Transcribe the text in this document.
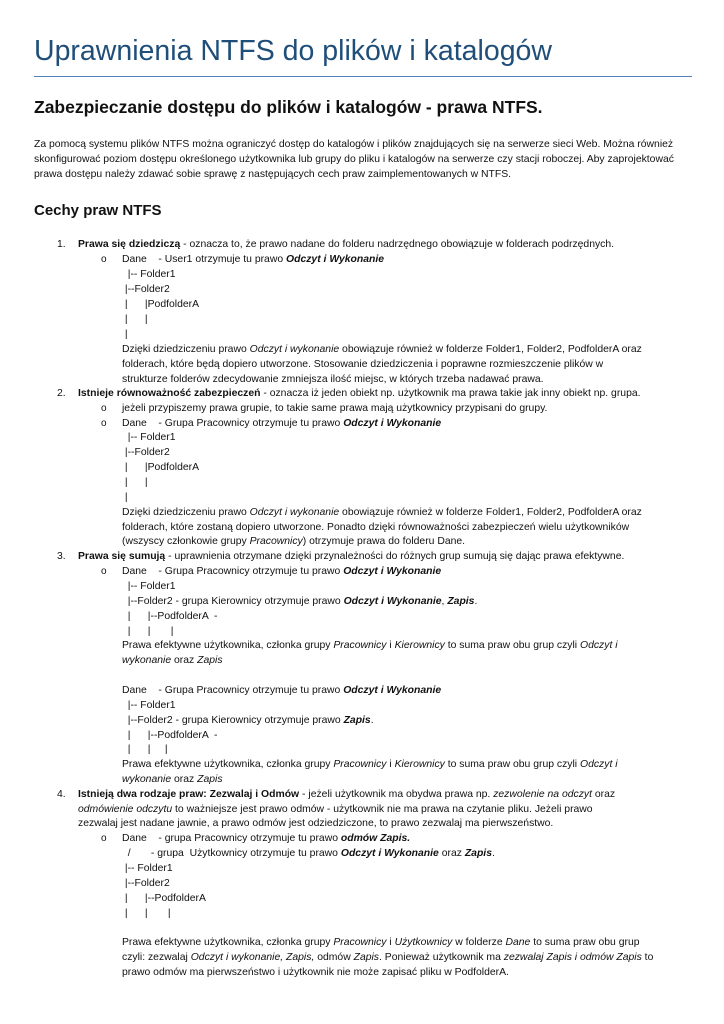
Uprawnienia NTFS do plików i katalogów
Zabezpieczanie dostępu do plików i katalogów - prawa NTFS.
Za pomocą systemu plików NTFS można ograniczyć dostęp do katalogów i plików znajdujących się na serwerze sieci Web. Można również skonfigurować poziom dostępu określonego użytkownika lub grupy do pliku i katalogów na serwerze czy stacji roboczej. Aby zaprojektować prawa dostępu należy zdawać sobie sprawę z następujących cech praw zaimplementowanych w NTFS.
Cechy praw NTFS
1. Prawa się dziedziczą - oznacza to, że prawo nadane do folderu nadrzędnego obowiązuje w folderach podrzędnych.
o Dane    - User1 otrzymuje tu prawo Odczyt i Wykonanie
|-- Folder1
|--Folder2
|      |PodfolderA
|      |
|
Dzięki dziedziczeniu prawo Odczyt i wykonanie obowiązuje również w folderze Folder1, Folder2, PodfolderA oraz
folderach, które będą dopiero utworzone. Stosowanie dziedziczenia i poprawne rozmieszczenie plików w
strukturze folderów zdecydowanie zmniejsza ilość miejsc, w których trzeba nadawać prawa.
2. Istnieje równoważność zabezpieczeń - oznacza iż jeden obiekt np. użytkownik ma prawa takie jak inny obiekt np. grupa.
o jeżeli przypiszemy prawa grupie, to takie same prawa mają użytkownicy przypisani do grupy.
o Dane    - Grupa Pracownicy otrzymuje tu prawo Odczyt i Wykonanie
|-- Folder1
|--Folder2
|      |PodfolderA
|      |
|
Dzięki dziedziczeniu prawo Odczyt i wykonanie obowiązuje również w folderze Folder1, Folder2, PodfolderA oraz
folderach, które zostaną dopiero utworzone. Ponadto dzięki równoważności zabezpieczeń wielu użytkowników
(wszyscy członkowie grupy Pracownicy) otrzymuje prawa do folderu Dane.
3. Prawa się sumują - uprawnienia otrzymane dzięki przynależności do różnych grup sumują się dając prawa efektywne.
o Dane    - Grupa Pracownicy otrzymuje tu prawo Odczyt i Wykonanie
|-- Folder1
|--Folder2 - grupa Kierownicy otrzymuje prawo Odczyt i Wykonanie, Zapis.
|      |--PodfolderA  -
|      |       |
Prawa efektywne użytkownika, członka grupy Pracownicy i Kierownicy to suma praw obu grup czyli Odczyt i
wykonanie oraz Zapis
Dane    - Grupa Pracownicy otrzymuje tu prawo Odczyt i Wykonanie
|-- Folder1
|--Folder2 - grupa Kierownicy otrzymuje prawo Zapis.
|      |--PodfolderA  -
|      |     |
Prawa efektywne użytkownika, członka grupy Pracownicy i Kierownicy to suma praw obu grup czyli Odczyt i
wykonanie oraz Zapis
4. Istnieją dwa rodzaje praw: Zezwalaj i Odmów - jeżeli użytkownik ma obydwa prawa np. zezwolenie na odczyt oraz
odmówienie odczytu to ważniejsze jest prawo odmów - użytkownik nie ma prawa na czytanie pliku. Jeżeli prawo
zezwalaj jest nadane jawnie, a prawo odmów jest odziedziczone, to prawo zezwalaj ma pierwszeństwo.
o Dane    - grupa Pracownicy otrzymuje tu prawo odmów Zapis.
/       - grupa  Użytkownicy otrzymuje tu prawo Odczyt i Wykonanie oraz Zapis.
|-- Folder1
|--Folder2
|      |--PodfolderA
|      |       |
Prawa efektywne użytkownika, członka grupy Pracownicy i Użytkownicy w folderze Dane to suma praw obu grup
czyli: zezwalaj Odczyt i wykonanie, Zapis, odmów Zapis. Ponieważ użytkownik ma zezwalaj Zapis i odmów Zapis to
prawo odmów ma pierwszeństwo i użytkownik nie może zapisać pliku w PodfolderA.
